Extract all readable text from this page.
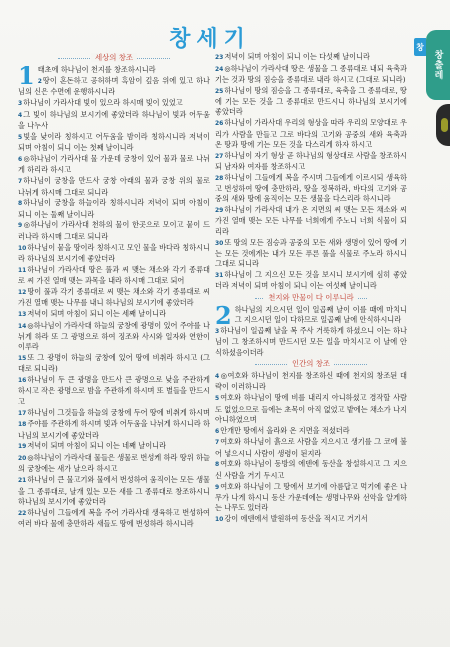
창세기	창
창출레
세상의 창조
1 태초에 하나님이 천지를 창조하시니라
2땅이 혼돈하고 공허하며 흑암이 깊음 위에 있고 하나님의 신은 수면에 운행하시니라
3하나님이 가라사대 빛이 있으라 하시매 빛이 있었고
4그 빛이 하나님의 보시기에 좋았더라 하나님이 빛과 어두움을 나누사
5빛을 낮이라 칭하시고 어두움을 밤이라 칭하시니라 저녁이 되며 아침이 되니 이는 첫째 날이니라
6◎하나님이 가라사대 물 가운데 궁창이 있어 물과 물로 나뉘게 하리라 하시고
7하나님이 궁창을 만드사 궁창 아래의 물과 궁창 위의 물로 나뉘게 하시매 그대로 되니라
8하나님이 궁창을 하늘이라 칭하시니라 저녁이 되며 아침이 되니 이는 둘째 날이니라
9◎하나님이 가라사대 천하의 물이 한곳으로 모이고 뭍이 드러나라 하시매 그대로 되니라
10하나님이 뭍을 땅이라 칭하시고 모인 물을 바다라 칭하시니라 하나님의 보시기에 좋았더라
11하나님이 가라사대 땅은 풀과 씨 맺는 채소와 각기 종류대로 씨 가진 열매 맺는 과목을 내라 하시매 그대로 되어
12땅이 풀과 각기 종류대로 씨 맺는 채소와 각기 종류대로 씨 가진 열매 맺는 나무를 내니 하나님의 보시기에 좋았더라
13저녁이 되며 아침이 되니 이는 세째 날이니라
14◎하나님이 가라사대 하늘의 궁창에 광명이 있어 주야를 나뉘게 하라 또 그 광명으로 하여 징조와 사시와 일자와 연한이 이루라
15또 그 광명이 하늘의 궁창에 있어 땅에 비취라 하시고 (그대로 되니라)
16하나님이 두 큰 광명을 만드사 큰 광명으로 낮을 주관하게 하시고 작은 광명으로 밤을 주관하게 하시며 또 별들을 만드시고
17하나님이 그것들을 하늘의 궁창에 두어 땅에 비취게 하시며
18주야를 주관하게 하시며 빛과 어두움을 나뉘게 하시니라 하나님의 보시기에 좋았더라
19저녁이 되며 아침이 되니 이는 네째 날이니라
20◎하나님이 가라사대 물들은 생물로 번성케 하라 땅위 하늘의 궁창에는 새가 날으라 하시고
21하나님이 큰 물고기와 물에서 번성하여 움직이는 모든 생물을 그 종류대로, 날개 있는 모든 새를 그 종류대로 창조하시니 하나님의 보시기에 좋았더라
22하나님이 그들에게 복을 주어 가라사대 생육하고 번성하여 여러 바다 물에 충만하라 새들도 땅에 번성하라 하시니라
23저녁이 되며 아침이 되니 이는 다섯째 날이니라
24◎하나님이 가라사대 땅은 생물을 그 종류대로 내되 육축과 기는 것과 땅의 짐승을 종류대로 내라 하시고 (그대로 되니라)
25하나님이 땅의 짐승을 그 종류대로, 육축을 그 종류대로, 땅에 기는 모든 것을 그 종류대로 만드시니 하나님의 보시기에 좋았더라
26하나님이 가라사대 우리의 형상을 따라 우리의 모양대로 우리가 사람을 만들고 그로 바다의 고기와 공중의 새와 육축과 온 땅과 땅에 기는 모든 것을 다스리게 하자 하시고
27하나님이 자기 형상 곧 하나님의 형상대로 사람을 창조하시되 남자와 여자를 창조하시고
28하나님이 그들에게 복을 주시며 그들에게 이르시되 생육하고 번성하여 땅에 충만하라, 땅을 정복하라, 바다의 고기와 공중의 새와 땅에 움직이는 모든 생물을 다스리라 하시니라
29하나님이 가라사대 내가 온 지면의 씨 맺는 모든 채소와 씨 가진 열매 맺는 모든 나무를 너희에게 주노니 너희 식물이 되리라
30또 땅의 모든 짐승과 공중의 모든 새와 생명이 있어 땅에 기는 모든 것에게는 내가 모든 푸른 풀을 식물로 주노라 하시니 그대로 되니라
31하나님이 그 지으신 모든 것을 보시니 보시기에 심히 좋았더라 저녁이 되며 아침이 되니 이는 여섯째 날이니라
천지와 만물이 다 이루니라
2 하나님의 지으시던 일이 일곱째 날이 이를 때에 마치니 그 지으시던 일이 다하므로 일곱째 날에 안식하시니라
3하나님이 일곱째 날을 복 주사 거룩하게 하셨으니 이는 하나님이 그 창조하시며 만드시던 모든 일을 마치시고 이 날에 안식하셨음이더라
인간의 창조
4◎여호와 하나님이 천지를 창조하신 때에 천지의 창조된 대략이 이러하니라
5여호와 하나님이 땅에 비를 내리지 아니하셨고 경작할 사람도 없었으므로 들에는 초목이 아직 없었고 밭에는 채소가 나지 아니하였으며
6안개만 땅에서 올라와 온 지면을 적셨더라
7여호와 하나님이 흙으로 사람을 지으시고 생기를 그 코에 불어 넣으시니 사람이 생령이 된지라
8여호와 하나님이 동방의 에덴에 동산을 창설하시고 그 지으신 사람을 거기 두시고
9여호와 하나님이 그 땅에서 보기에 아름답고 먹기에 좋은 나무가 나게 하시니 동산 가운데에는 생명나무와 선악을 알게하는 나무도 있더라
10강이 에덴에서 발원하여 동산을 적시고 거기서
